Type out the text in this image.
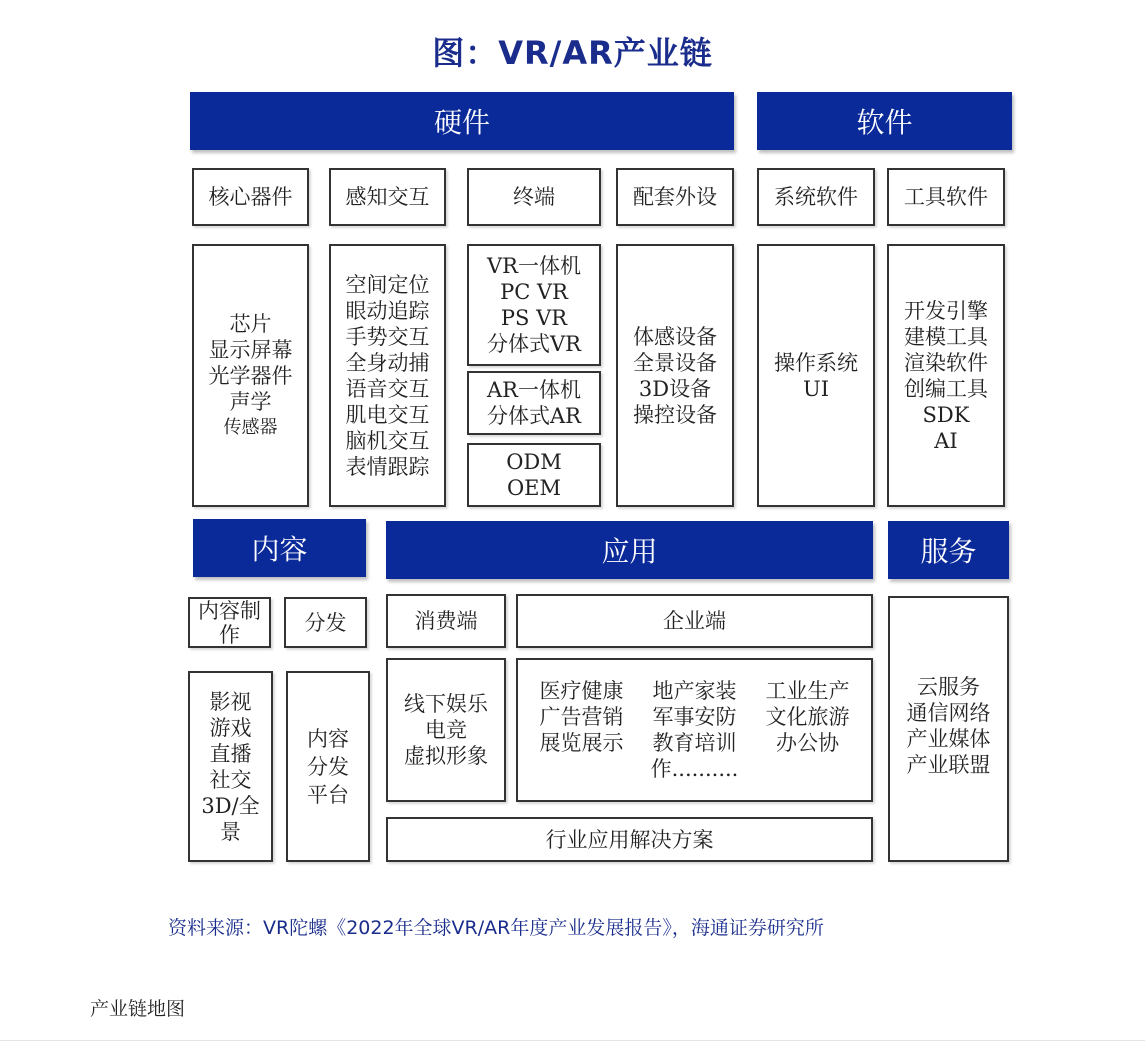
图：VR/AR产业链
硬件	软件
内容	应用	服务
核心器件	感知交互	终端	配套外设	系统软件	工具软件
芯片
显示屏幕
光学器件
声学
传感器
空间定位
眼动追踪
手势交互
全身动捕
语音交互
肌电交互
脑机交互
表情跟踪
VR一体机
PC VR
PS VR
分体式VR
AR一体机
分体式AR
ODM
OEM
体感设备
全景设备
3D设备
操控设备
操作系统
UI
开发引擎
建模工具
渲染软件
创编工具
SDK
AI
内容制作	分发
影视
游戏
直播
社交
3D/全景
内容分发平台
消费端	企业端
线下娱乐
电竞
虚拟形象
医疗健康	地产家装	工业生产
广告营销	军事安防	文化旅游
展览展示	教育培训	办公协
作..........
行业应用解决方案
云服务
通信网络
产业媒体
产业联盟
资料来源：VR陀螺《2022年全球VR/AR年度产业发展报告》，海通证券研究所
产业链地图
